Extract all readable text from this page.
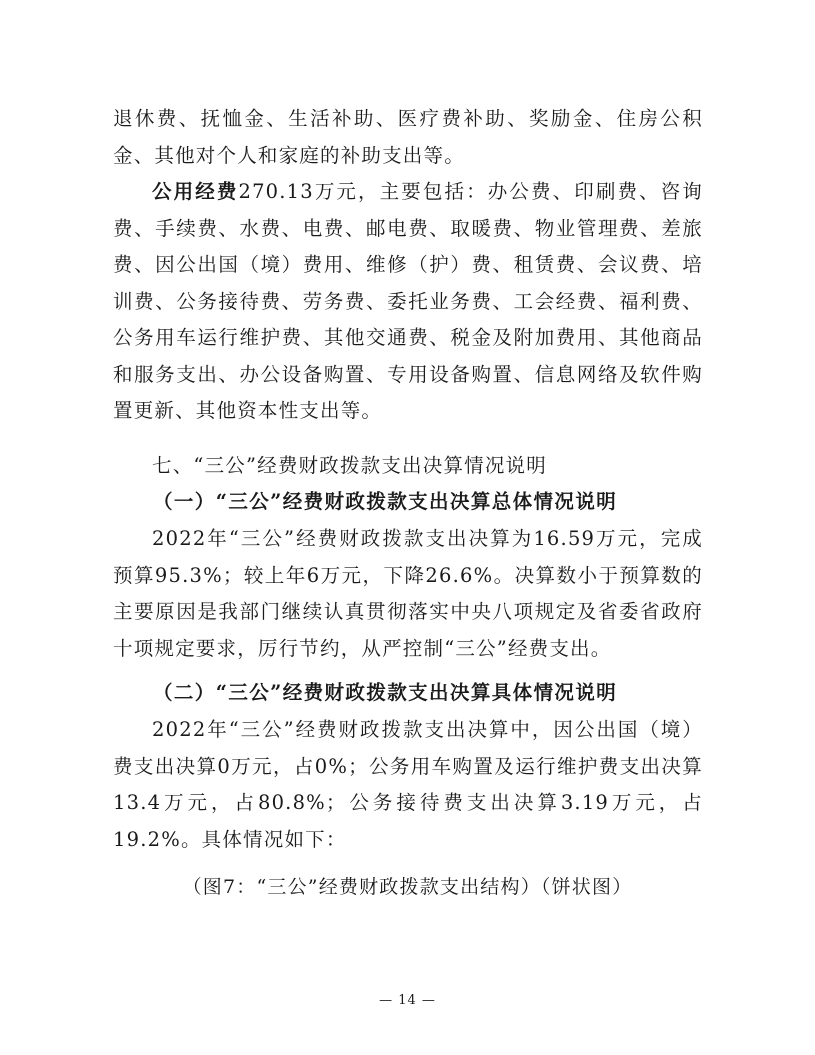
退休费、抚恤金、生活补助、医疗费补助、奖励金、住房公积金、其他对个人和家庭的补助支出等。

公用经费270.13万元，主要包括：办公费、印刷费、咨询费、手续费、水费、电费、邮电费、取暖费、物业管理费、差旅费、因公出国（境）费用、维修（护）费、租赁费、会议费、培训费、公务接待费、劳务费、委托业务费、工会经费、福利费、公务用车运行维护费、其他交通费、税金及附加费用、其他商品和服务支出、办公设备购置、专用设备购置、信息网络及软件购置更新、其他资本性支出等。

七、“三公”经费财政拨款支出决算情况说明

（一）“三公”经费财政拨款支出决算总体情况说明

2022年“三公”经费财政拨款支出决算为16.59万元，完成预算95.3%；较上年6万元，下降26.6%。决算数小于预算数的主要原因是我部门继续认真贯彻落实中央八项规定及省委省政府十项规定要求，厉行节约，从严控制“三公”经费支出。

（二）“三公”经费财政拨款支出决算具体情况说明

2022年“三公”经费财政拨款支出决算中，因公出国（境）费支出决算0万元，占0%；公务用车购置及运行维护费支出决算13.4万元，占80.8%；公务接待费支出决算3.19万元，占19.2%。具体情况如下：

（图7：“三公”经费财政拨款支出结构）（饼状图）
— 14 —
